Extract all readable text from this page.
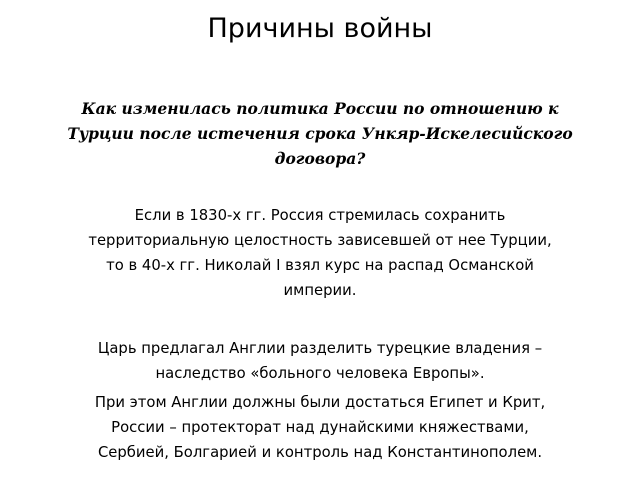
Причины войны
Как изменилась политика России по отношению к
Турции после истечения срока Ункяр-Искелесийского
договора?
Если в 1830-х гг. Россия стремилась сохранить
территориальную целостность зависевшей от нее Турции,
то в 40-х гг. Николай I взял курс на распад Османской
империи.
Царь предлагал Англии разделить турецкие владения –
наследство «больного человека Европы».
При этом Англии должны были достаться Египет и Крит,
России – протекторат над дунайскими княжествами,
Сербией, Болгарией и контроль над Константинополем.
